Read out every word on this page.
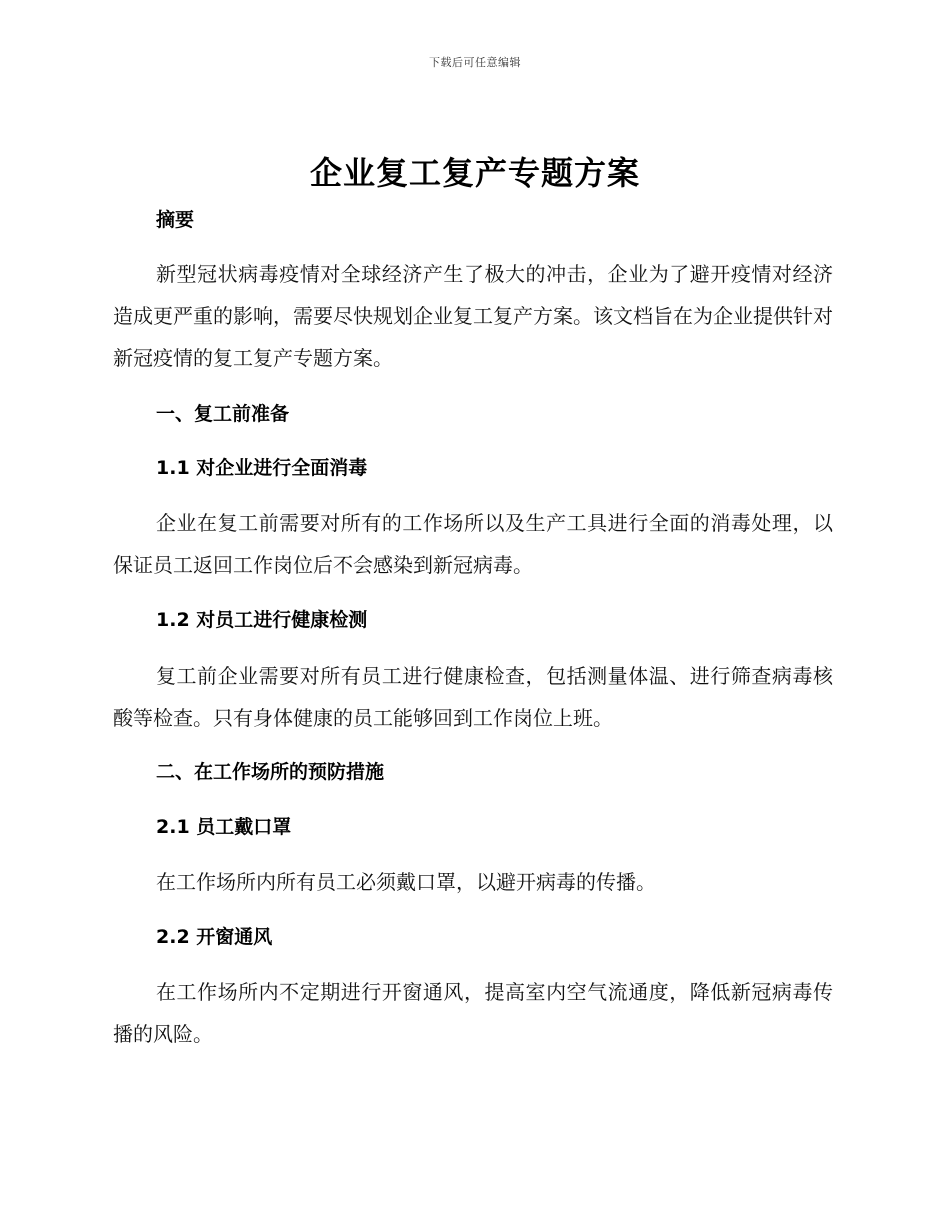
下载后可任意编辑
企业复工复产专题方案
摘要

新型冠状病毒疫情对全球经济产生了极大的冲击，企业为了避开疫情对经济造成更严重的影响，需要尽快规划企业复工复产方案。该文档旨在为企业提供针对新冠疫情的复工复产专题方案。

一、复工前准备
1.1 对企业进行全面消毒

企业在复工前需要对所有的工作场所以及生产工具进行全面的消毒处理，以保证员工返回工作岗位后不会感染到新冠病毒。

1.2 对员工进行健康检测

复工前企业需要对所有员工进行健康检查，包括测量体温、进行筛查病毒核酸等检查。只有身体健康的员工能够回到工作岗位上班。

二、在工作场所的预防措施
2.1 员工戴口罩

在工作场所内所有员工必须戴口罩，以避开病毒的传播。

2.2 开窗通风

在工作场所内不定期进行开窗通风，提高室内空气流通度，降低新冠病毒传播的风险。
